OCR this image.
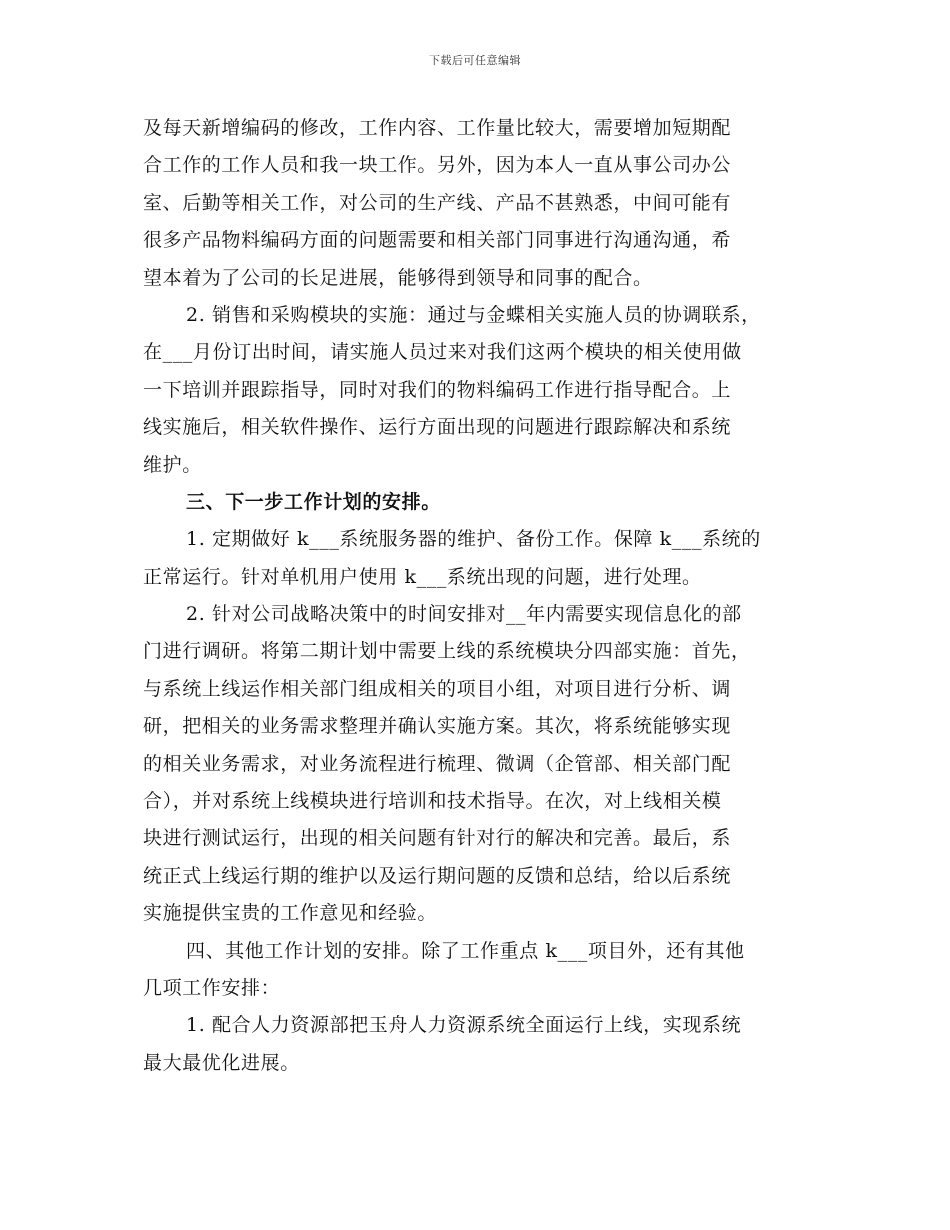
下载后可任意编辑
及每天新增编码的修改，工作内容、工作量比较大，需要增加短期配
合工作的工作人员和我一块工作。另外，因为本人一直从事公司办公
室、后勤等相关工作，对公司的生产线、产品不甚熟悉，中间可能有
很多产品物料编码方面的问题需要和相关部门同事进行沟通沟通，希
望本着为了公司的长足进展，能够得到领导和同事的配合。
2. 销售和采购模块的实施：通过与金蝶相关实施人员的协调联系，
在___月份订出时间，请实施人员过来对我们这两个模块的相关使用做
一下培训并跟踪指导，同时对我们的物料编码工作进行指导配合。上
线实施后，相关软件操作、运行方面出现的问题进行跟踪解决和系统
维护。
三、下一步工作计划的安排。
1. 定期做好 k___系统服务器的维护、备份工作。保障 k___系统的
正常运行。针对单机用户使用 k___系统出现的问题，进行处理。
2. 针对公司战略决策中的时间安排对__年内需要实现信息化的部
门进行调研。将第二期计划中需要上线的系统模块分四部实施：首先，
与系统上线运作相关部门组成相关的项目小组，对项目进行分析、调
研，把相关的业务需求整理并确认实施方案。其次，将系统能够实现
的相关业务需求，对业务流程进行梳理、微调（企管部、相关部门配
合），并对系统上线模块进行培训和技术指导。在次，对上线相关模
块进行测试运行，出现的相关问题有针对行的解决和完善。最后，系
统正式上线运行期的维护以及运行期问题的反馈和总结，给以后系统
实施提供宝贵的工作意见和经验。
四、其他工作计划的安排。除了工作重点 k___项目外，还有其他
几项工作安排：
1. 配合人力资源部把玉舟人力资源系统全面运行上线，实现系统
最大最优化进展。
